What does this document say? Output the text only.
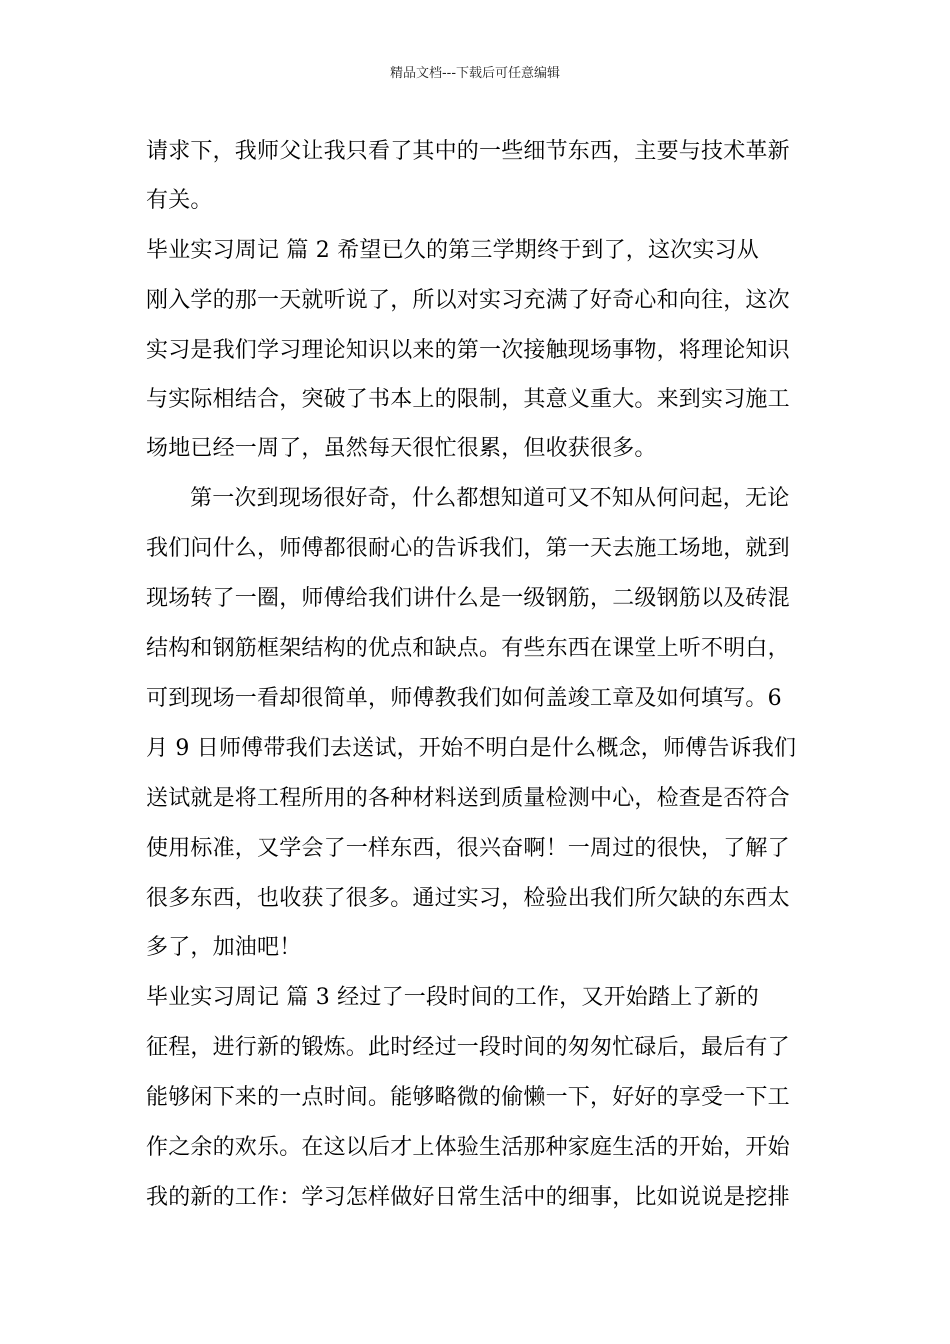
精品文档---下载后可任意编辑
请求下，我师父让我只看了其中的一些细节东西，主要与技术革新
有关。
毕业实习周记 篇 2 希望已久的第三学期终于到了，这次实习从
刚入学的那一天就听说了，所以对实习充满了好奇心和向往，这次
实习是我们学习理论知识以来的第一次接触现场事物，将理论知识
与实际相结合，突破了书本上的限制，其意义重大。来到实习施工
场地已经一周了，虽然每天很忙很累，但收获很多。
第一次到现场很好奇，什么都想知道可又不知从何问起，无论
我们问什么，师傅都很耐心的告诉我们，第一天去施工场地，就到
现场转了一圈，师傅给我们讲什么是一级钢筋，二级钢筋以及砖混
结构和钢筋框架结构的优点和缺点。有些东西在课堂上听不明白，
可到现场一看却很简单，师傅教我们如何盖竣工章及如何填写。6
月 9 日师傅带我们去送试，开始不明白是什么概念，师傅告诉我们
送试就是将工程所用的各种材料送到质量检测中心，检查是否符合
使用标准，又学会了一样东西，很兴奋啊！一周过的很快，了解了
很多东西，也收获了很多。通过实习，检验出我们所欠缺的东西太
多了，加油吧！
毕业实习周记 篇 3 经过了一段时间的工作，又开始踏上了新的
征程，进行新的锻炼。此时经过一段时间的匆匆忙碌后，最后有了
能够闲下来的一点时间。能够略微的偷懒一下，好好的享受一下工
作之余的欢乐。在这以后才上体验生活那种家庭生活的开始，开始
我的新的工作：学习怎样做好日常生活中的细事，比如说说是挖排
